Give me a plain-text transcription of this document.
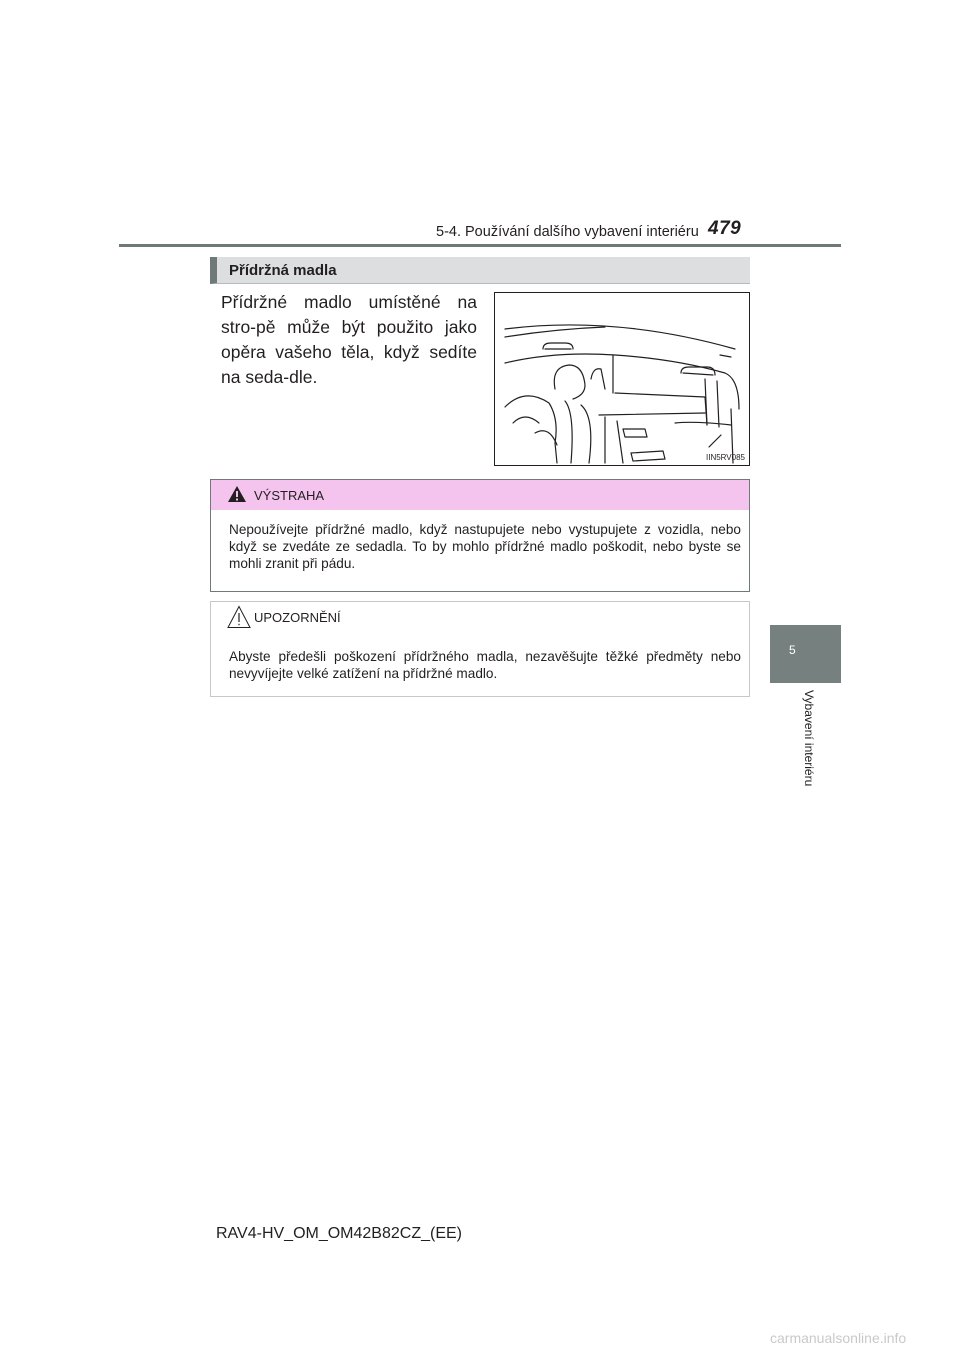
5-4. Používání dalšího vybavení interiéru 479
5
Vybavení interiéru
Přídržná madla
Přídržné madlo umístěné na stro-pě může být použito jako opěra vašeho těla, když sedíte na seda-dle.
IIN5RV085
VÝSTRAHA
Nepoužívejte přídržné madlo, když nastupujete nebo vystupujete z vozidla, nebo když se zvedáte ze sedadla. To by mohlo přídržné madlo poškodit, nebo byste se mohli zranit při pádu.
UPOZORNĚNÍ
Abyste předešli poškození přídržného madla, nezavěšujte těžké předměty nebo nevyvíjejte velké zatížení na přídržné madlo.
RAV4-HV_OM_OM42B82CZ_(EE)
carmanualsonline.info
